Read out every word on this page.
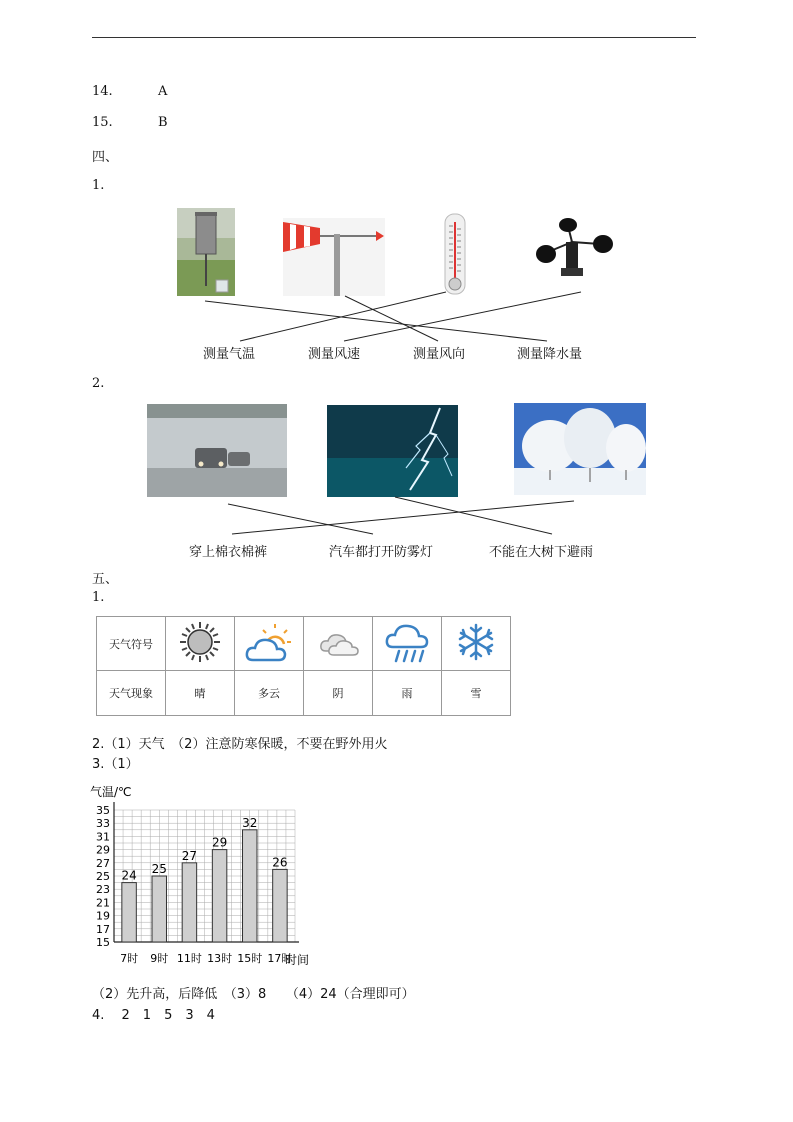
14.	A
15.	B
四、
1.
测量气温	测量风速	测量风向	测量降水量
2.
穿上棉衣棉裤	汽车都打开防雾灯	不能在大树下避雨
五、
1.
天气符号					
天气现象	晴	多云	阴	雨	雪
2.（1）天气　（2）注意防寒保暖，不要在野外用火
3.（1）
气温/℃
24 25
27
29
32
26
15
17
19
21
23
25
27
29
31
33
35
7时 9时 11时 13时 15时 17时
时间
（2）先升高，后降低　（3）8　　（4）24（合理即可）
4.　 2　1　5　3　4
